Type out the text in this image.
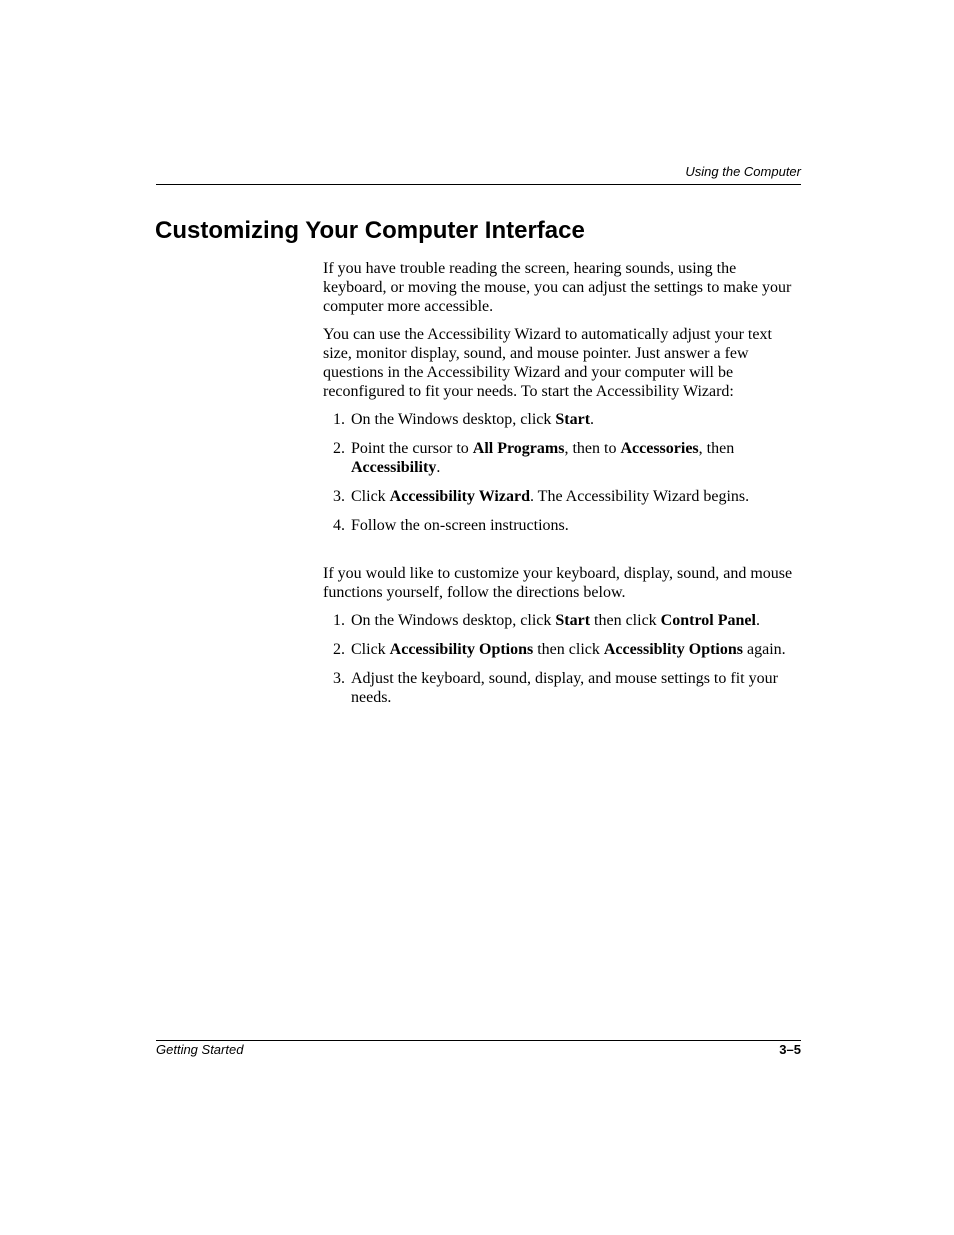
Using the Computer
Customizing Your Computer Interface

If you have trouble reading the screen, hearing sounds, using the keyboard, or moving the mouse, you can adjust the settings to make your computer more accessible.

You can use the Accessibility Wizard to automatically adjust your text size, monitor display, sound, and mouse pointer. Just answer a few questions in the Accessibility Wizard and your computer will be reconfigured to fit your needs. To start the Accessibility Wizard:

1. On the Windows desktop, click Start.
2. Point the cursor to All Programs, then to Accessories, then Accessibility.
3. Click Accessibility Wizard. The Accessibility Wizard begins.
4. Follow the on-screen instructions.

If you would like to customize your keyboard, display, sound, and mouse functions yourself, follow the directions below.

1. On the Windows desktop, click Start then click Control Panel.
2. Click Accessibility Options then click Accessiblity Options again.
3. Adjust the keyboard, sound, display, and mouse settings to fit your needs.
Getting Started	3–5
